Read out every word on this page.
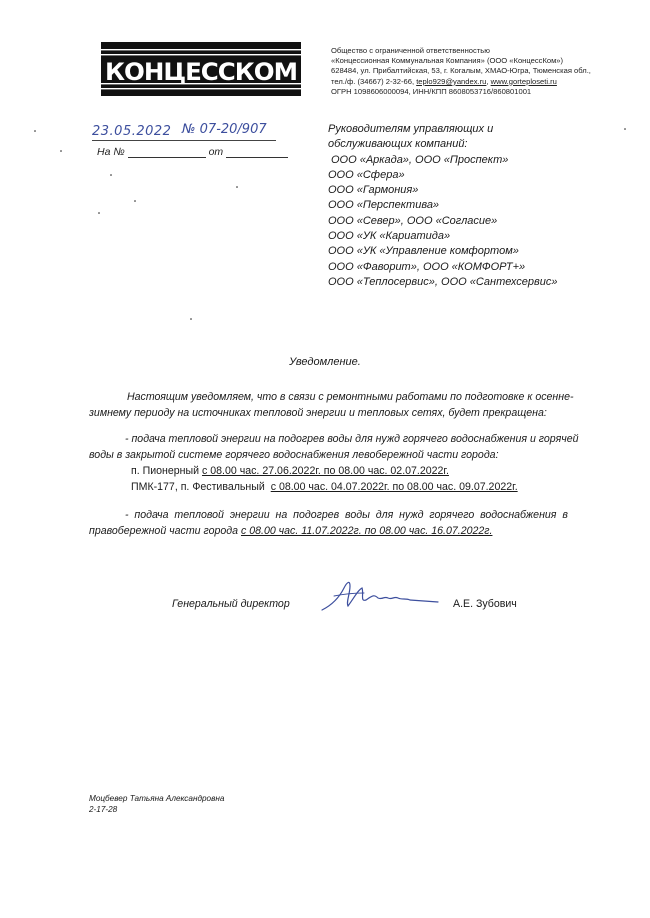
КОНЦЕССКОМ
Общество с ограниченной ответственностью
«Концессионная Коммунальная Компания» (ООО «КонцессКом»)
628484, ул. Прибалтийская, 53, г. Когалым, ХМАО-Югра, Тюменская обл.,
тел./ф. (34667) 2-32-66, teplo929@yandex.ru, www.gorteploseti.ru
ОГРН 1098606000094, ИНН/КПП 8608053716/860801001
23.05.2022 № 07-20/907
На №	от
Руководителям управляющих и
обслуживающих компаний:
ООО «Аркада», ООО «Проспект»
ООО «Сфера»
ООО «Гармония»
ООО «Перспектива»
ООО «Север», ООО «Согласие»
ООО «УК «Кариатида»
ООО «УК «Управление комфортом»
ООО «Фаворит», ООО «КОМФОРТ+»
ООО «Теплосервис», ООО «Сантехсервис»
Уведомление.
Настоящим уведомляем, что в связи с ремонтными работами по подготовке к осенне-
зимнему периоду на источниках тепловой энергии и тепловых сетях, будет прекращена:
- подача тепловой энергии на подогрев воды для нужд горячего водоснабжения и горячей
воды в закрытой системе горячего водоснабжения левобережной части города:
п. Пионерный с 08.00 час. 27.06.2022г. по 08.00 час. 02.07.2022г.
ПМК-177, п. Фестивальный с 08.00 час. 04.07.2022г. по 08.00 час. 09.07.2022г.
-  подача  тепловой  энергии  на  подогрев  воды  для  нужд  горячего  водоснабжения  в
правобережной части города с 08.00 час. 11.07.2022г. по 08.00 час. 16.07.2022г.
Генеральный директор	А.Е. Зубович
Моцбевер Татьяна Александровна
2-17-28
